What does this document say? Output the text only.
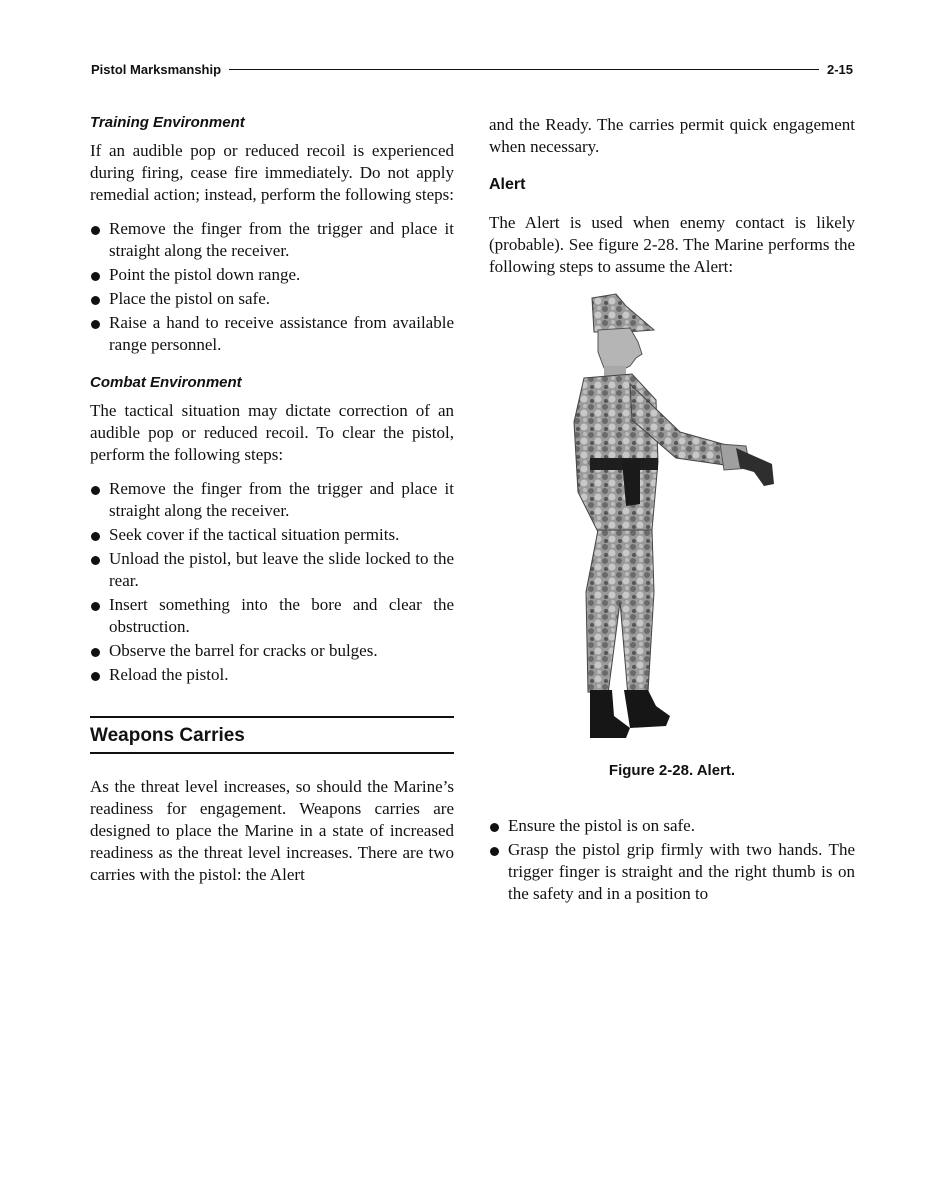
Pistol Marksmanship	2-15
Training Environment

If an audible pop or reduced recoil is experienced during firing, cease fire immediately. Do not apply remedial action; instead, perform the following steps:

Remove the finger from the trigger and place it straight along the receiver.
Point the pistol down range.
Place the pistol on safe.
Raise a hand to receive assistance from available range personnel.
Combat Environment

The tactical situation may dictate correction of an audible pop or reduced recoil. To clear the pistol, perform the following steps:

Remove the finger from the trigger and place it straight along the receiver.
Seek cover if the tactical situation permits.
Unload the pistol, but leave the slide locked to the rear.
Insert something into the bore and clear the obstruction.
Observe the barrel for cracks or bulges.
Reload the pistol.
Weapons Carries

As the threat level increases, so should the Marine’s readiness for engagement. Weapons carries are designed to place the Marine in a state of increased readiness as the threat level increases. There are two carries with the pistol: the Alert

and the Ready. The carries permit quick engagement when necessary.

Alert

The Alert is used when enemy contact is likely (probable). See figure 2-28. The Marine performs the following steps to assume the Alert:

Figure 2-28. Alert.
Ensure the pistol is on safe.
Grasp the pistol grip firmly with two hands. The trigger finger is straight and the right thumb is on the safety and in a position to
